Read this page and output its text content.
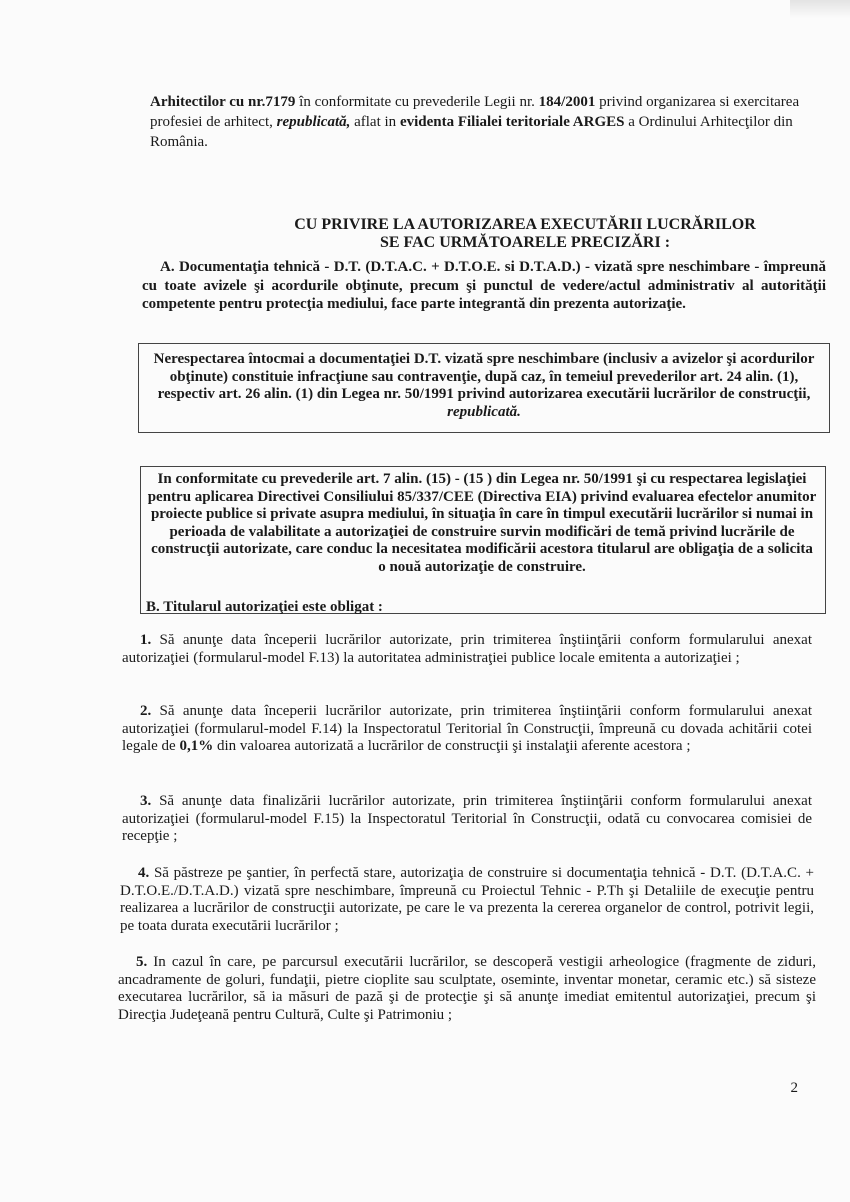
Arhitectilor cu nr.7179 în conformitate cu prevederile Legii nr. 184/2001 privind organizarea si exercitarea profesiei de arhitect, republicată, aflat in evidenta Filialei teritoriale ARGES a Ordinului Arhitecţilor din România.
CU PRIVIRE LA AUTORIZAREA EXECUTĂRII LUCRĂRILOR
SE FAC URMĂTOARELE PRECIZĂRI :
A. Documentaţia tehnică - D.T. (D.T.A.C. + D.T.O.E. si D.T.A.D.) - vizată spre neschimbare - împreună cu toate avizele şi acordurile obţinute, precum şi punctul de vedere/actul administrativ al autorităţii competente pentru protecţia mediului, face parte integrantă din prezenta autorizaţie.
Nerespectarea întocmai a documentaţiei D.T. vizată spre neschimbare (inclusiv a avizelor şi acordurilor obţinute) constituie infracţiune sau contravenţie, după caz, în temeiul prevederilor art. 24 alin. (1), respectiv art. 26 alin. (1) din Legea nr. 50/1991 privind autorizarea executării lucrărilor de construcţii, republicată.
In conformitate cu prevederile art. 7 alin. (15) - (15 ) din Legea nr. 50/1991 şi cu respectarea legislaţiei pentru aplicarea Directivei Consiliului 85/337/CEE (Directiva EIA) privind evaluarea efectelor anumitor proiecte publice si private asupra mediului, în situaţia în care în timpul executării lucrărilor si numai in perioada de valabilitate a autorizaţiei de construire survin modificări de temă privind lucrările de construcţii autorizate, care conduc la necesitatea modificării acestora titularul are obligaţia de a solicita o nouă autorizaţie de construire.
B. Titularul autorizaţiei este obligat :
1. Să anunţe data începerii lucrărilor autorizate, prin trimiterea înştiinţării conform formularului anexat autorizaţiei (formularul-model F.13) la autoritatea administraţiei publice locale emitenta a autorizaţiei ;
2. Să anunţe data începerii lucrărilor autorizate, prin trimiterea înştiinţării conform formularului anexat autorizaţiei (formularul-model F.14) la Inspectoratul Teritorial în Construcţii, împreună cu dovada achitării cotei legale de 0,1% din valoarea autorizată a lucrărilor de construcţii şi instalaţii aferente acestora ;
3. Să anunţe data finalizării lucrărilor autorizate, prin trimiterea înştiinţării conform formularului anexat autorizaţiei (formularul-model F.15) la Inspectoratul Teritorial în Construcţii, odată cu convocarea comisiei de recepţie ;
4. Să păstreze pe şantier, în perfectă stare, autorizaţia de construire si documentaţia tehnică - D.T. (D.T.A.C. + D.T.O.E./D.T.A.D.) vizată spre neschimbare, împreună cu Proiectul Tehnic - P.Th şi Detaliile de execuţie pentru realizarea a lucrărilor de construcţii autorizate, pe care le va prezenta la cererea organelor de control, potrivit legii, pe toata durata executării lucrărilor ;
5. In cazul în care, pe parcursul executării lucrărilor, se descoperă vestigii arheologice (fragmente de ziduri, ancadramente de goluri, fundaţii, pietre cioplite sau sculptate, oseminte, inventar monetar, ceramic etc.) să sisteze executarea lucrărilor, să ia măsuri de pază şi de protecţie şi să anunţe imediat emitentul autorizaţiei, precum şi Direcţia Judeţeană pentru Cultură, Culte şi Patrimoniu ;
2
